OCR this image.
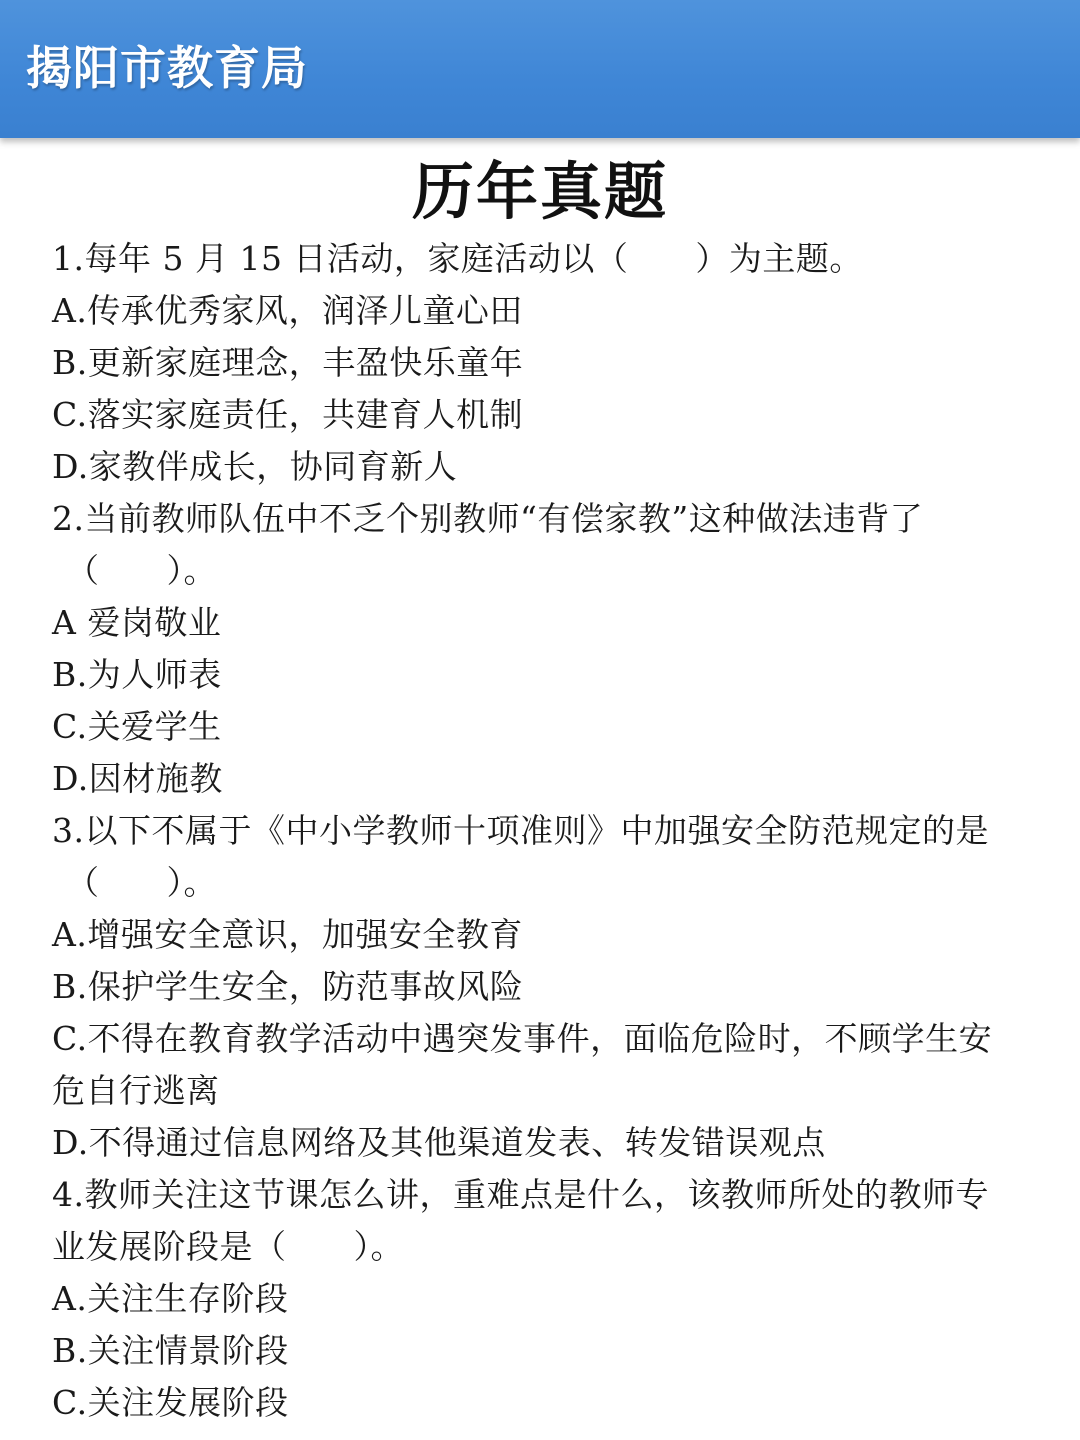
揭阳市教育局
历年真题
1.每年 5 月 15 日活动，家庭活动以（　　）为主题。
A.传承优秀家风，润泽儿童心田
B.更新家庭理念，丰盈快乐童年
C.落实家庭责任，共建育人机制
D.家教伴成长，协同育新人
2.当前教师队伍中不乏个别教师“有偿家教”这种做法违背了
（　　）。
A 爱岗敬业
B.为人师表
C.关爱学生
D.因材施教
3.以下不属于《中小学教师十项准则》中加强安全防范规定的是
（　　）。
A.增强安全意识，加强安全教育
B.保护学生安全，防范事故风险
C.不得在教育教学活动中遇突发事件，面临危险时，不顾学生安
危自行逃离
D.不得通过信息网络及其他渠道发表、转发错误观点
4.教师关注这节课怎么讲，重难点是什么，该教师所处的教师专
业发展阶段是（　　）。
A.关注生存阶段
B.关注情景阶段
C.关注发展阶段
